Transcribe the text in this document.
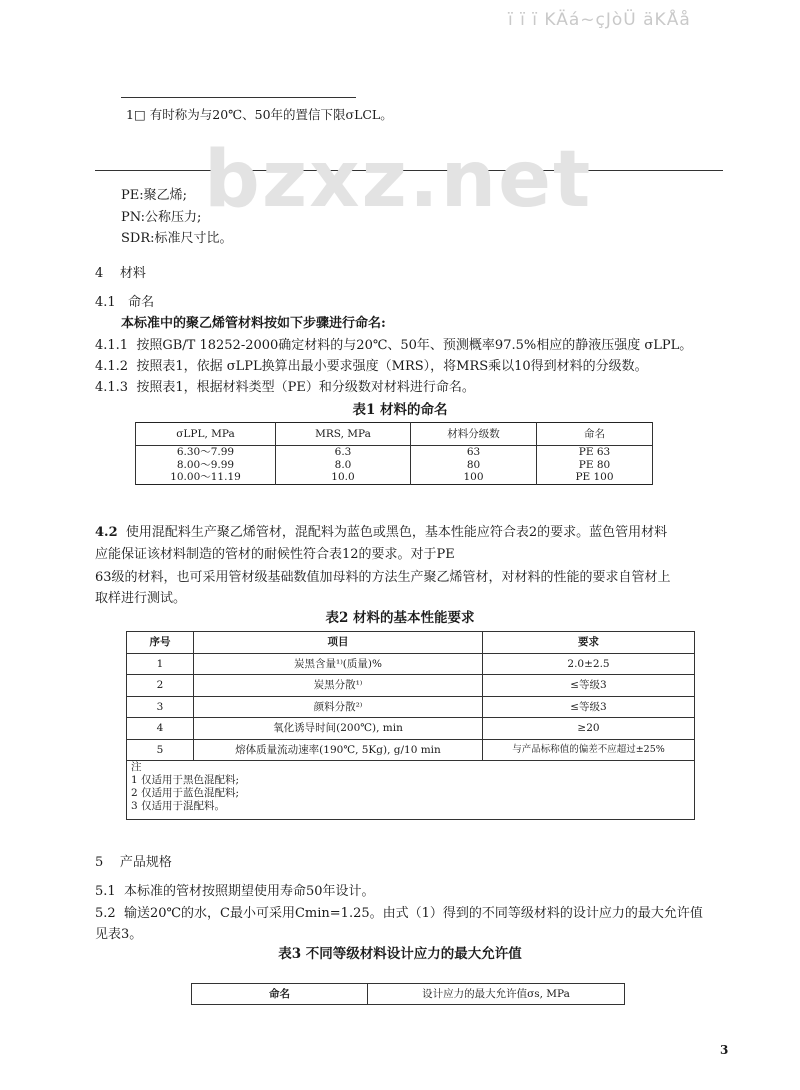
ï ï ï KÄá~çJòÜ äKÅå
1□ 有时称为与20℃、50年的置信下限σLCL。
bzxz.net
PE:聚乙烯;
PN:公称压力;
SDR:标准尺寸比。
4 材料
4.1 命名
本标准中的聚乙烯管材料按如下步骤进行命名:
4.1.1 按照GB/T 18252-2000确定材料的与20℃、50年、预测概率97.5%相应的静液压强度 σLPL。
4.1.2 按照表1，依据 σLPL换算出最小要求强度（MRS），将MRS乘以10得到材料的分级数。
4.1.3 按照表1，根据材料类型（PE）和分级数对材料进行命名。
表1 材料的命名
σLPL, MPa	MRS, MPa	材料分级数	命名
6.30～7.99	6.3	63	PE 63
8.00～9.99	8.0	80	PE 80
10.00～11.19	10.0	100	PE 100
4.2 使用混配料生产聚乙烯管材，混配料为蓝色或黑色，基本性能应符合表2的要求。蓝色管用材料
应能保证该材料制造的管材的耐候性符合表12的要求。对于PE
63级的材料，也可采用管材级基础数值加母料的方法生产聚乙烯管材，对材料的性能的要求自管材上
取样进行测试。
表2 材料的基本性能要求
序号	项目	要求
1	炭黑含量¹⁾(质量)%	2.0±2.5
2	炭黑分散¹⁾	≤等级3
3	颜料分散²⁾	≤等级3
4	氧化诱导时间(200℃), min	≥20
5	熔体质量流动速率(190℃, 5Kg), g/10 min	与产品标称值的偏差不应超过±25%

注
1 仅适用于黑色混配料;
2 仅适用于蓝色混配料;
3 仅适用于混配料。		
5 产品规格
5.1 本标准的管材按照期望使用寿命50年设计。
5.2 输送20℃的水，C最小可采用Cmin=1.25。由式（1）得到的不同等级材料的设计应力的最大允许值
见表3。
表3 不同等级材料设计应力的最大允许值
命名	设计应力的最大允许值σs, MPa
3
